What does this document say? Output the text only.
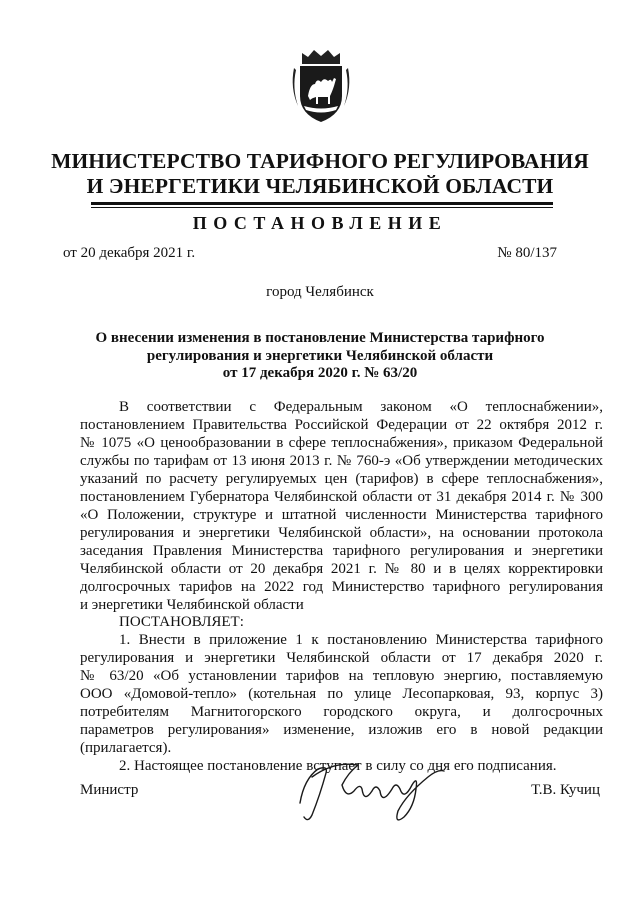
МИНИСТЕРСТВО ТАРИФНОГО РЕГУЛИРОВАНИЯ
И ЭНЕРГЕТИКИ ЧЕЛЯБИНСКОЙ ОБЛАСТИ
ПОСТАНОВЛЕНИЕ
от 20 декабря 2021 г.	№ 80/137
город Челябинск
О внесении изменения в постановление Министерства тарифного
регулирования и энергетики Челябинской области
от 17 декабря 2020 г. № 63/20
В соответствии с Федеральным законом «О теплоснабжении»,
постановлением Правительства Российской Федерации от 22 октября 2012 г.
№ 1075 «О ценообразовании в сфере теплоснабжения», приказом Федеральной
службы по тарифам от 13 июня 2013 г. № 760-э «Об утверждении методических
указаний по расчету регулируемых цен (тарифов) в сфере теплоснабжения»,
постановлением Губернатора Челябинской области от 31 декабря 2014 г. № 300
«О Положении, структуре и штатной численности Министерства тарифного
регулирования и энергетики Челябинской области», на основании протокола
заседания Правления Министерства тарифного регулирования и энергетики
Челябинской области от 20 декабря 2021 г. № 80 и в целях корректировки
долгосрочных тарифов на 2022 год Министерство тарифного регулирования
и энергетики Челябинской области
ПОСТАНОВЛЯЕТ:
1. Внести в приложение 1 к постановлению Министерства тарифного
регулирования и энергетики Челябинской области от 17 декабря 2020 г.
№ 63/20 «Об установлении тарифов на тепловую энергию, поставляемую
ООО «Домовой-тепло» (котельная по улице Лесопарковая, 93, корпус 3)
потребителям Магнитогорского городского округа, и долгосрочных
параметров регулирования» изменение, изложив его в новой редакции
(прилагается).
2. Настоящее постановление вступает в силу со дня его подписания.
Министр	Т.В. Кучиц
